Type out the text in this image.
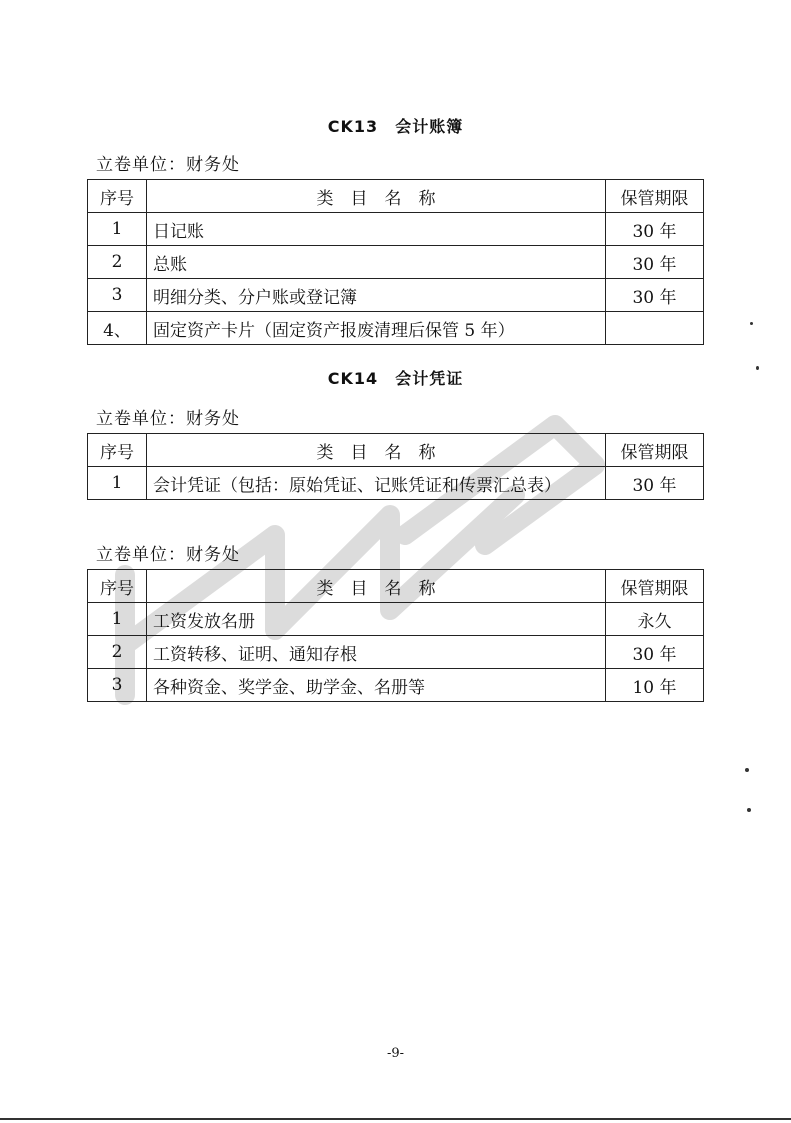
CK13　会计账簿
立卷单位：财务处
序号	类　目　名　称	保管期限
1	日记账	30 年
2	总账	30 年
3	明细分类、分户账或登记簿	30 年
4、	固定资产卡片（固定资产报废清理后保管 5 年）	
CK14　会计凭证
立卷单位：财务处
序号	类　目　名　称	保管期限
1	会计凭证（包括：原始凭证、记账凭证和传票汇总表）	30 年
立卷单位：财务处
序号	类　目　名　称	保管期限
1	工资发放名册	永久
2	工资转移、证明、通知存根	30 年
3	各种资金、奖学金、助学金、名册等	10 年
-9-
